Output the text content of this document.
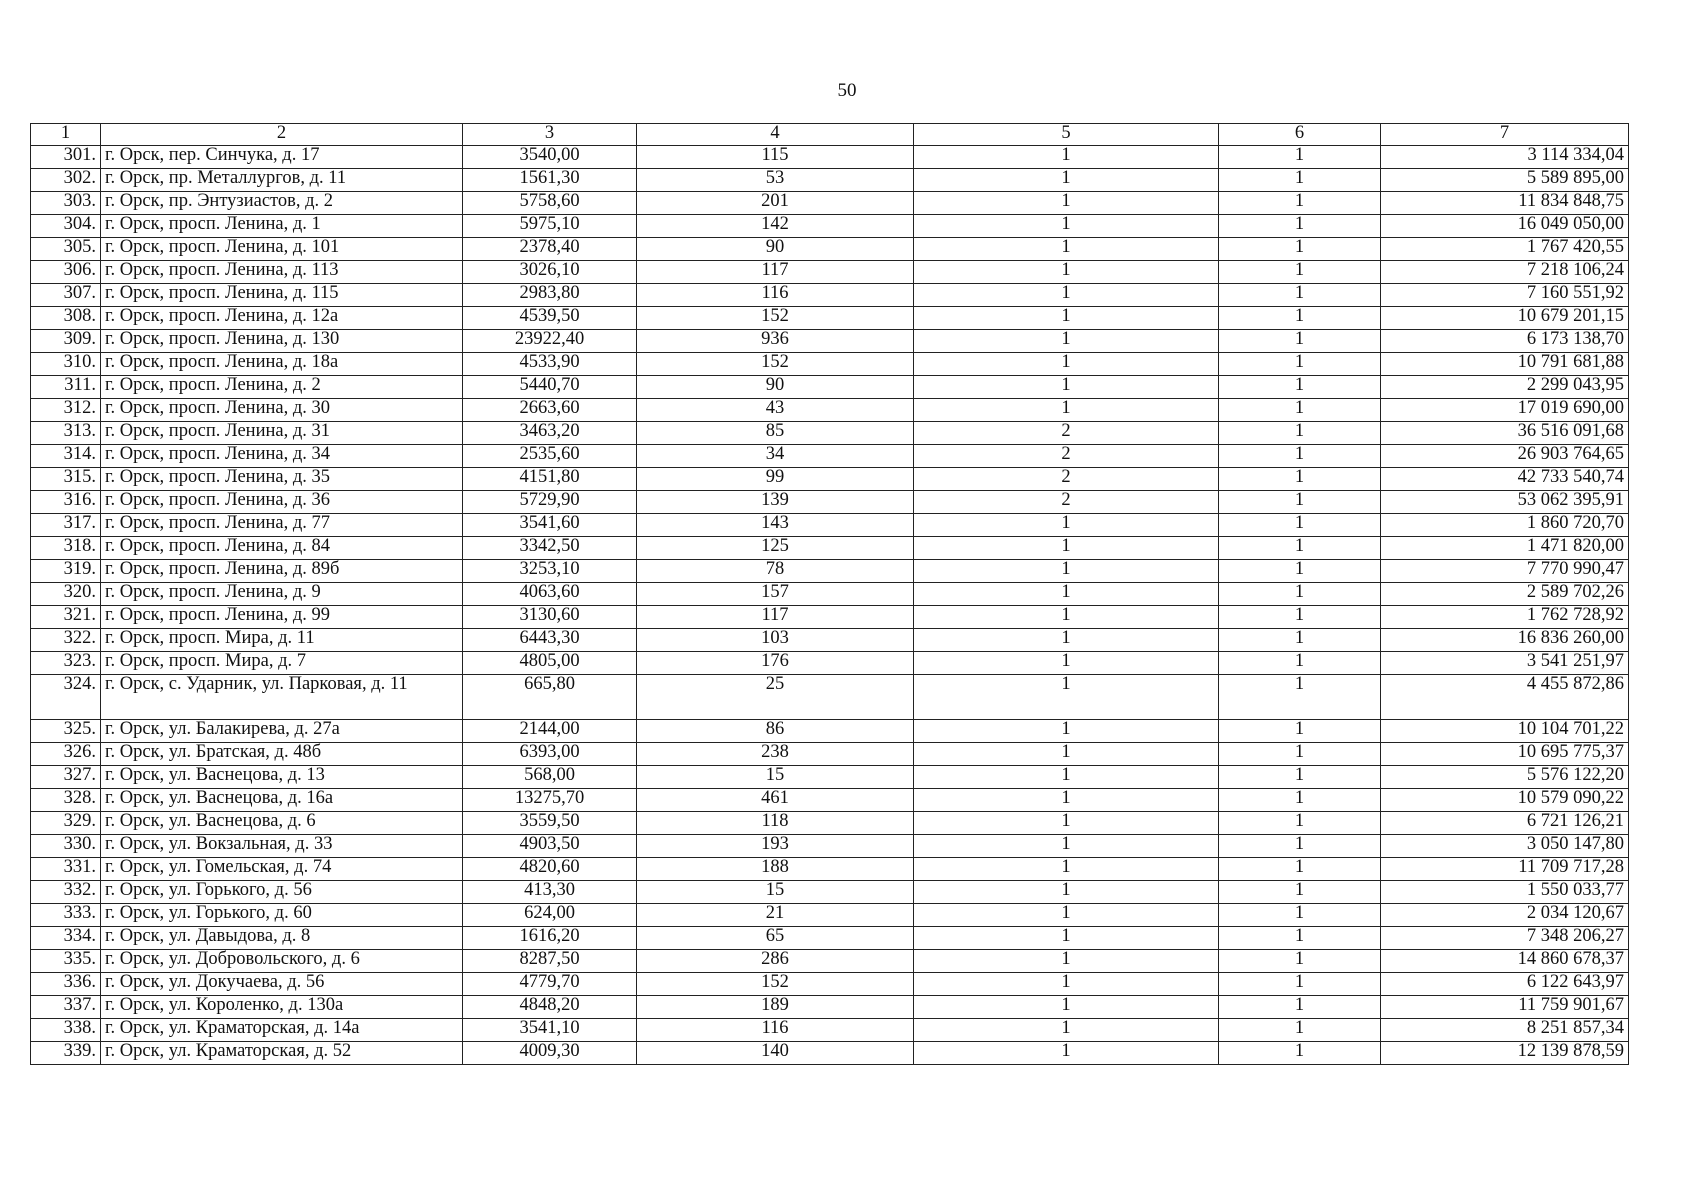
50
1	2	3	4	5	6	7
301.	г. Орск, пер. Синчука, д. 17	3540,00	115	1	1	3 114 334,04
302.	г. Орск, пр. Металлургов, д. 11	1561,30	53	1	1	5 589 895,00
303.	г. Орск, пр. Энтузиастов, д. 2	5758,60	201	1	1	11 834 848,75
304.	г. Орск, просп. Ленина, д. 1	5975,10	142	1	1	16 049 050,00
305.	г. Орск, просп. Ленина, д. 101	2378,40	90	1	1	1 767 420,55
306.	г. Орск, просп. Ленина, д. 113	3026,10	117	1	1	7 218 106,24
307.	г. Орск, просп. Ленина, д. 115	2983,80	116	1	1	7 160 551,92
308.	г. Орск, просп. Ленина, д. 12а	4539,50	152	1	1	10 679 201,15
309.	г. Орск, просп. Ленина, д. 130	23922,40	936	1	1	6 173 138,70
310.	г. Орск, просп. Ленина, д. 18а	4533,90	152	1	1	10 791 681,88
311.	г. Орск, просп. Ленина, д. 2	5440,70	90	1	1	2 299 043,95
312.	г. Орск, просп. Ленина, д. 30	2663,60	43	1	1	17 019 690,00
313.	г. Орск, просп. Ленина, д. 31	3463,20	85	2	1	36 516 091,68
314.	г. Орск, просп. Ленина, д. 34	2535,60	34	2	1	26 903 764,65
315.	г. Орск, просп. Ленина, д. 35	4151,80	99	2	1	42 733 540,74
316.	г. Орск, просп. Ленина, д. 36	5729,90	139	2	1	53 062 395,91
317.	г. Орск, просп. Ленина, д. 77	3541,60	143	1	1	1 860 720,70
318.	г. Орск, просп. Ленина, д. 84	3342,50	125	1	1	1 471 820,00
319.	г. Орск, просп. Ленина, д. 89б	3253,10	78	1	1	7 770 990,47
320.	г. Орск, просп. Ленина, д. 9	4063,60	157	1	1	2 589 702,26
321.	г. Орск, просп. Ленина, д. 99	3130,60	117	1	1	1 762 728,92
322.	г. Орск, просп. Мира, д. 11	6443,30	103	1	1	16 836 260,00
323.	г. Орск, просп. Мира, д. 7	4805,00	176	1	1	3 541 251,97
324.	г. Орск, с. Ударник, ул. Парковая, д. 11	665,80	25	1	1	4 455 872,86
325.	г. Орск, ул. Балакирева, д. 27а	2144,00	86	1	1	10 104 701,22
326.	г. Орск, ул. Братская, д. 48б	6393,00	238	1	1	10 695 775,37
327.	г. Орск, ул. Васнецова, д. 13	568,00	15	1	1	5 576 122,20
328.	г. Орск, ул. Васнецова, д. 16а	13275,70	461	1	1	10 579 090,22
329.	г. Орск, ул. Васнецова, д. 6	3559,50	118	1	1	6 721 126,21
330.	г. Орск, ул. Вокзальная, д. 33	4903,50	193	1	1	3 050 147,80
331.	г. Орск, ул. Гомельская, д. 74	4820,60	188	1	1	11 709 717,28
332.	г. Орск, ул. Горького, д. 56	413,30	15	1	1	1 550 033,77
333.	г. Орск, ул. Горького, д. 60	624,00	21	1	1	2 034 120,67
334.	г. Орск, ул. Давыдова, д. 8	1616,20	65	1	1	7 348 206,27
335.	г. Орск, ул. Добровольского, д. 6	8287,50	286	1	1	14 860 678,37
336.	г. Орск, ул. Докучаева, д. 56	4779,70	152	1	1	6 122 643,97
337.	г. Орск, ул. Короленко, д. 130а	4848,20	189	1	1	11 759 901,67
338.	г. Орск, ул. Краматорская, д. 14а	3541,10	116	1	1	8 251 857,34
339.	г. Орск, ул. Краматорская, д. 52	4009,30	140	1	1	12 139 878,59
